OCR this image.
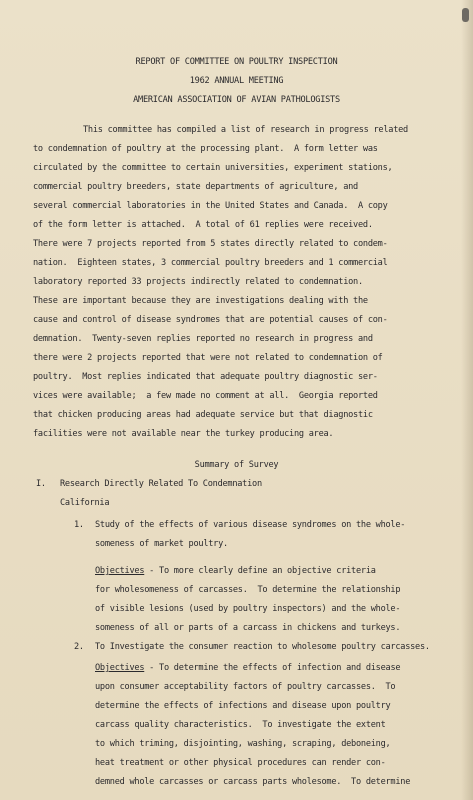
REPORT OF COMMITTEE ON POULTRY INSPECTION
1962 ANNUAL MEETING
AMERICAN ASSOCIATION OF AVIAN PATHOLOGISTS
This committee has compiled a list of research in progress related
to condemnation of poultry at the processing plant.  A form letter was
circulated by the committee to certain universities, experiment stations,
commercial poultry breeders, state departments of agriculture, and
several commercial laboratories in the United States and Canada.  A copy
of the form letter is attached.  A total of 61 replies were received.
There were 7 projects reported from 5 states directly related to condem-
nation.  Eighteen states, 3 commercial poultry breeders and 1 commercial
laboratory reported 33 projects indirectly related to condemnation.
These are important because they are investigations dealing with the
cause and control of disease syndromes that are potential causes of con-
demnation.  Twenty-seven replies reported no research in progress and
there were 2 projects reported that were not related to condemnation of
poultry.  Most replies indicated that adequate poultry diagnostic ser-
vices were available;  a few made no comment at all.  Georgia reported
that chicken producing areas had adequate service but that diagnostic
facilities were not available near the turkey producing area.
Summary of Survey
I. Research Directly Related To Condemnation
California
1. Study of the effects of various disease syndromes on the whole-
someness of market poultry.
Objectives - To more clearly define an objective criteria
for wholesomeness of carcasses.  To determine the relationship
of visible lesions (used by poultry inspectors) and the whole-
someness of all or parts of a carcass in chickens and turkeys.
2. To Investigate the consumer reaction to wholesome poultry carcasses.
Objectives - To determine the effects of infection and disease
upon consumer acceptability factors of poultry carcasses.  To
determine the effects of infections and disease upon poultry
carcass quality characteristics.  To investigate the extent
to which triming, disjointing, washing, scraping, deboneing,
heat treatment or other physical procedures can render con-
demned whole carcasses or carcass parts wholesome.  To determine
